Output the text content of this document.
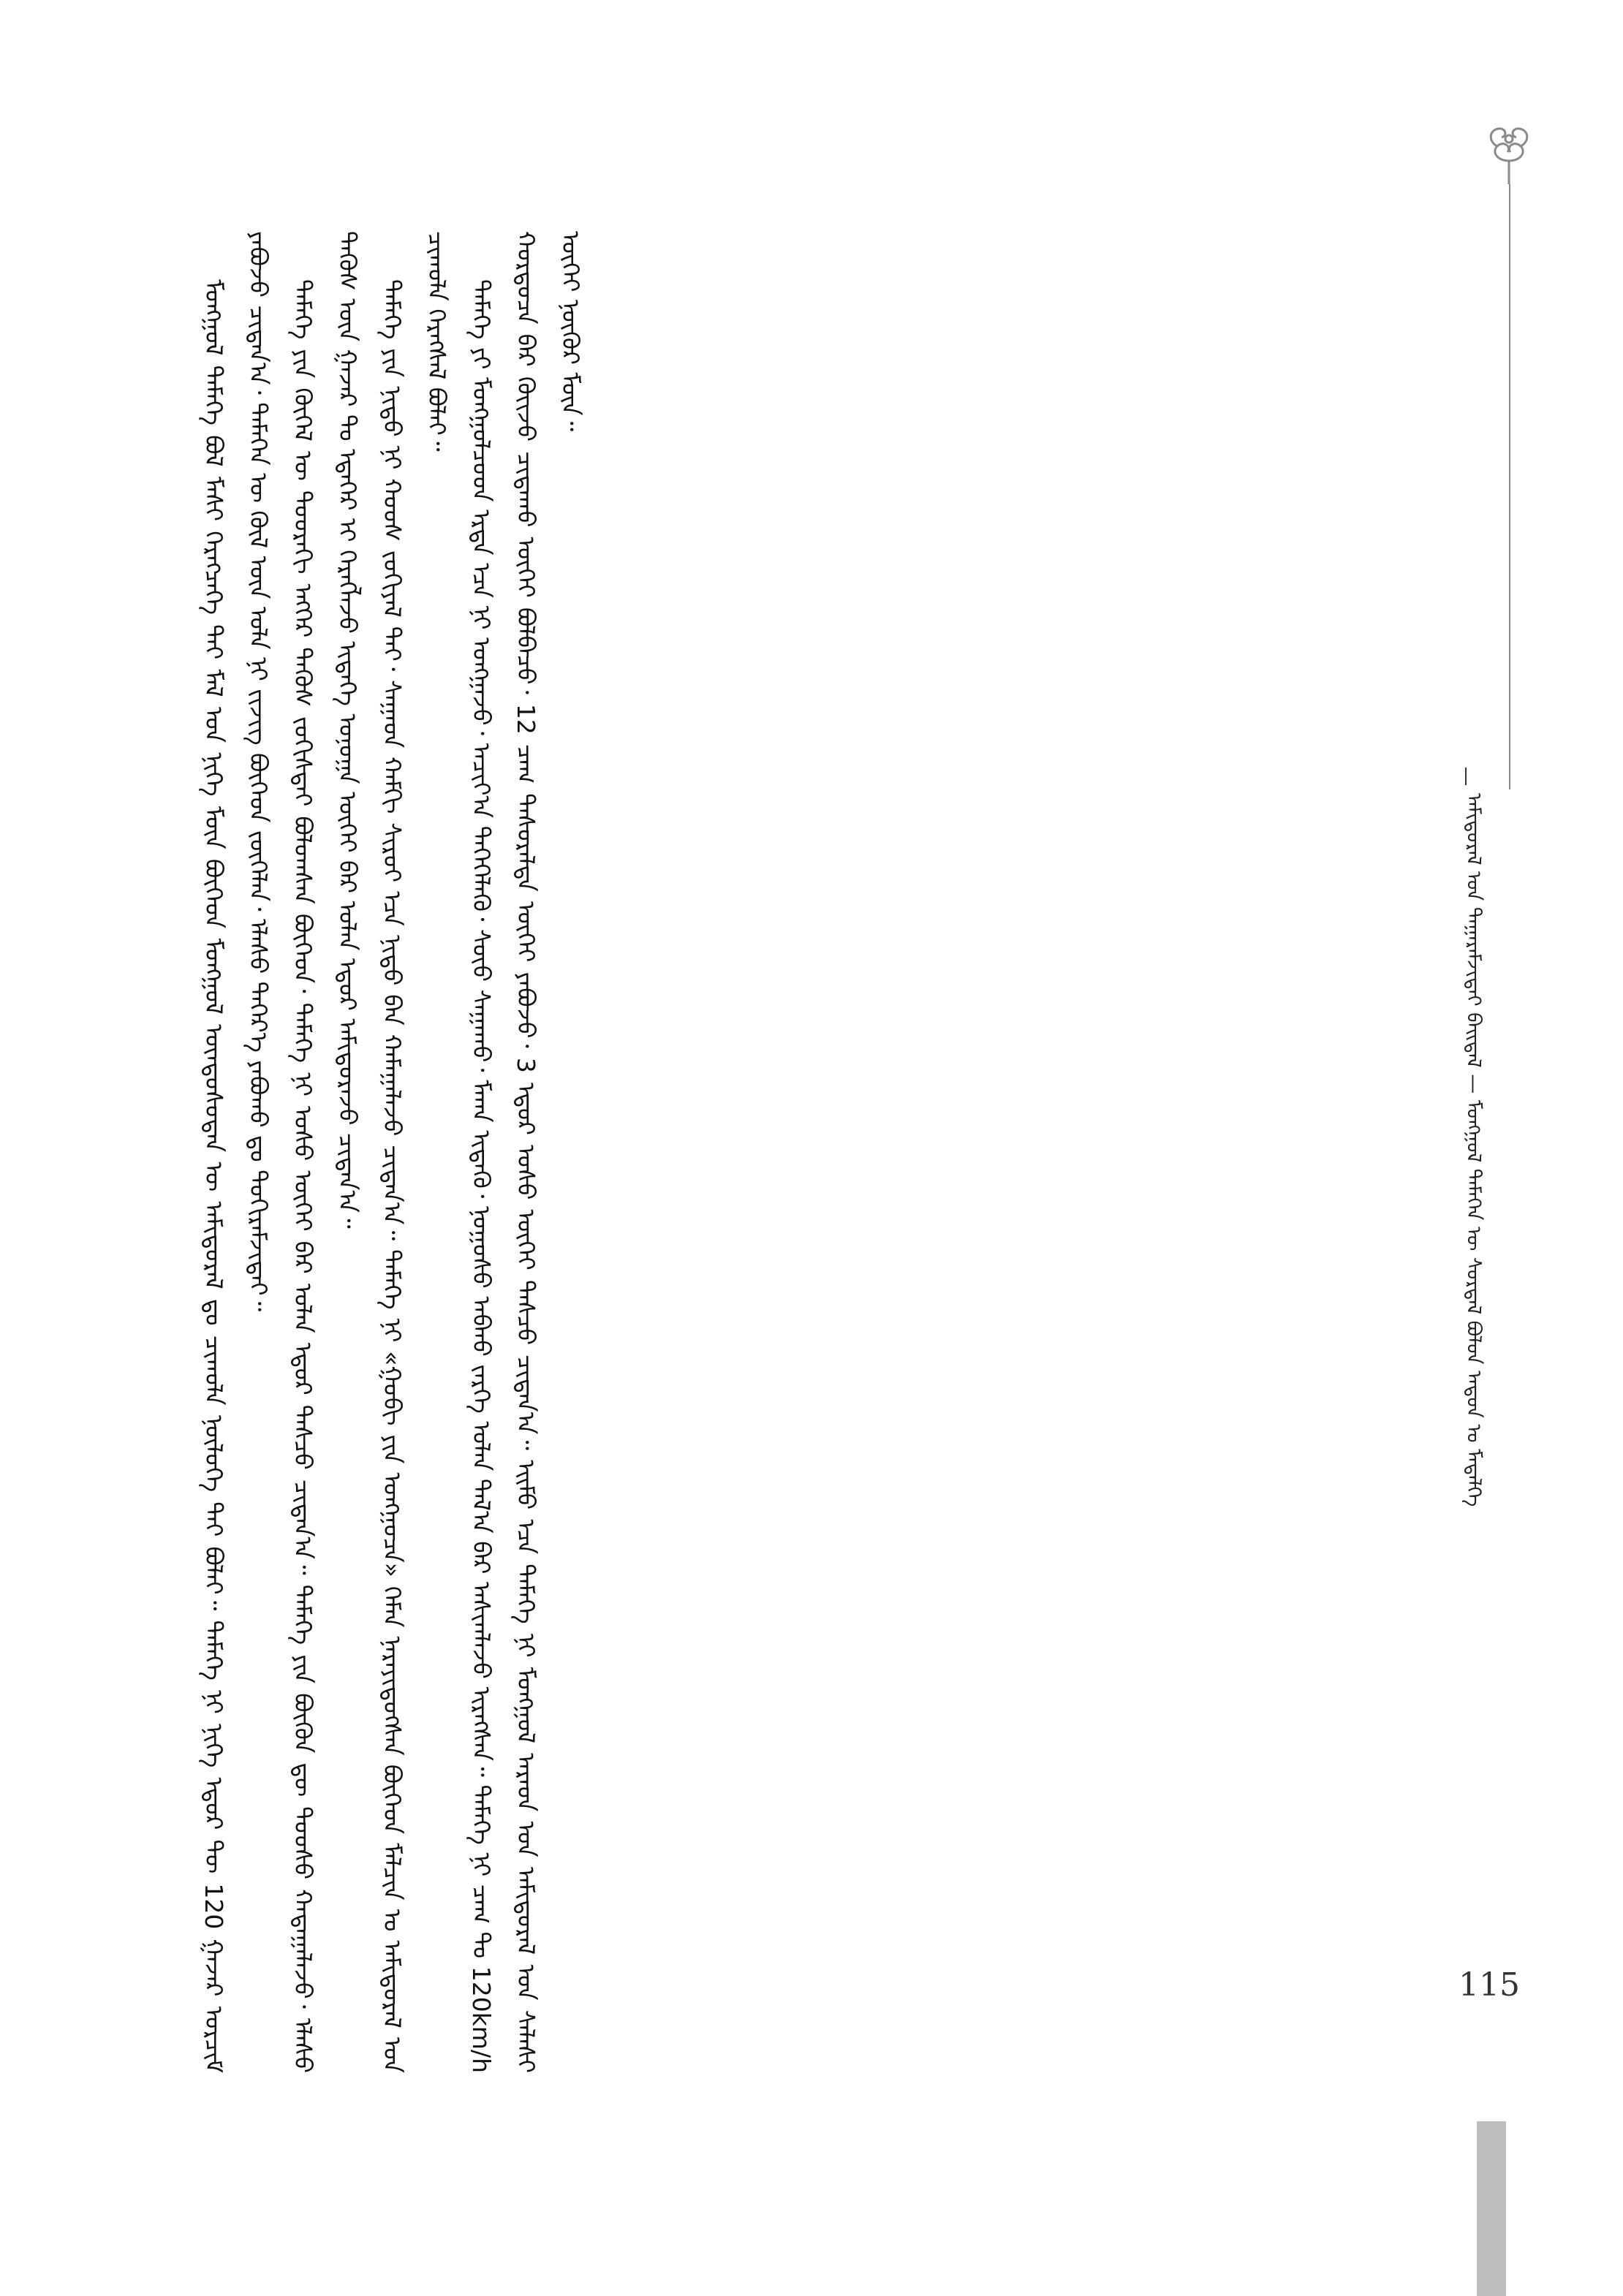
ᠠᠮᠢᠳᠤᠷᠠᠯ ᠤᠨ ᠲᠠᠭᠠᠷᠠᠮᠵᠢᠲᠠᠢ ᠪᠠᠢᠳᠠᠯ — ᠮᠣᠩᠭᠣᠯ ᠲᠡᠮᠡᠭᠡᠨ ᠦ ᠰᠤᠷᠲᠠᠯ ᠪᠣᠯᠤᠨ ᠠᠳᠤᠨ ᠤ ᠮᠡᠳᠡᠯᠭᠡ

ᠮᠣᠩᠭᠣᠯ ᠲᠡᠮᠡᠭᠡ ᠪᠣᠯ ᠮᠠᠰᠢ ᠬᠡᠷᠡᠭᠴᠡᠭᠡ ᠲᠠᠢ ᠮᠠᠯ ᠤᠨ ᠨᠢᠭᠡ ᠮᠥᠨ ᠪᠥᠭᠡᠳ ᠮᠣᠩᠭᠣᠯ ᠦᠨᠳᠦᠰᠦᠲᠡᠨ ᠦ ᠠᠮᠢᠳᠤᠷᠠᠯ ᠳᠤ ᠴᠢᠬᠤᠯᠠ ᠨᠥᠯᠦᠭᠡ ᠲᠠᠢ ᠪᠣᠯᠠᠢ᠃ ᠲᠡᠮᠡᠭᠡ ᠨᠢ ᠨᠢᠭᠡ ᠡᠳᠦᠷ ᠲᠦ 120 ᠭᠠᠵᠠᠷ ᠣᠷᠴᠢᠮ ᠶᠠᠪᠤᠵᠤ ᠴᠢᠳᠠᠨ᠎ᠠ᠂ ᠲᠡᠮᠡᠭᠡᠨ ᠦ ᠬᠥᠯ ᠦᠨ ᠤᠯᠠ ᠨᠢ ᠵᠢᠵᠢᠭ ᠪᠥᠭᠡᠳ ᠵᠥᠭᠡᠯᠡᠨ᠂ ᠡᠯᠡᠰᠦ ᠳᠡᠭᠡᠷ᠎ᠡ ᠶᠠᠪᠤᠬᠤ ᠳᠤ ᠲᠤᠬᠢᠷᠠᠮᠵᠢᠲᠠᠢ᠃ ᠲᠡᠮᠡᠭᠡ ᠶᠢᠨ ᠬᠥᠭᠡᠯ ᠦ ᠳᠣᠣᠷᠠᠬᠢ ᠡᠩᠭᠡᠷ ᠲᠡᠭᠦᠰ ᠵᠣᠬᠢᠰᠲᠠᠢ ᠪᠣᠯᠤᠭᠰᠠᠨ ᠪᠥᠭᠡᠳ᠂ ᠲᠡᠮᠡᠭᠡ ᠨᠢ ᠤᠰᠤ ᠦᠭᠡᠢ ᠪᠠᠷ ᠣᠯᠠᠨ ᠡᠳᠦᠷ ᠲᠡᠰᠴᠦ ᠴᠢᠳᠠᠨ᠎ᠠ᠃ ᠲᠡᠮᠡᠭᠡ ᠶᠢᠨ ᠪᠥᠬᠦᠨ ᠳᠦ ᠲᠣᠣᠰᠤ ᠬᠠᠳᠠᠭᠠᠯᠠᠵᠤ᠂ ᠡᠯᠡᠰᠦ ᠲᠡᠭᠦᠰ ᠦᠨ ᠭᠠᠵᠠᠷ ᠲᠤ ᠡᠳᠡᠭᠡᠷ ᠢ ᠬᠡᠷᠡᠭᠯᠡᠵᠦ ᠢᠳᠡᠭᠡ ᠤᠨᠤᠭᠠ ᠦᠭᠡᠢ ᠪᠠᠷ ᠣᠯᠠᠨ ᠡᠳᠦᠷ ᠠᠮᠢᠳᠤᠷᠠᠵᠤ ᠴᠢᠳᠠᠨ᠎ᠠ᠃ ᠲᠡᠮᠡᠭᠡ ᠶᠢᠨ ᠨᠢᠳᠦ ᠨᠢ ᠬᠣᠣᠰ ᠵᠣᠬᠢᠶᠠᠯ ᠲᠠᠢ᠂ ᠰᠠᠭᠠᠳ ᠬᠠᠮᠬᠢ ᠰᠢᠷᠤᠢ ᠡᠴᠡ ᠨᠢᠳᠦ ᠪᠡᠨ ᠬᠠᠮᠠᠭᠠᠯᠠᠵᠤ ᠴᠢᠳᠠᠨ᠎ᠠ᠃ ᠲᠡᠮᠡᠭᠡ ᠨᠢ «ᠭᠣᠪᠢ ᠶᠢᠨ ᠣᠩᠭᠤᠴᠠ» ᠬᠡᠮᠡᠨ ᠨᠡᠷᠡᠶᠢᠳᠦᠭᠰᠡᠨ ᠪᠥᠭᠡᠳ ᠮᠠᠯᠴᠢᠨ ᠤ ᠠᠮᠢᠳᠤᠷᠠᠯ ᠤᠨ ᠴᠢᠬᠤᠯᠠ ᠬᠡᠷᠡᠭᠰᠡᠯ ᠪᠣᠯᠠᠢ᠃ ᠲᠡᠮᠡᠭᠡ ᠶᠢ ᠮᠣᠩᠭᠣᠯᠴᠤᠳ ᠡᠷᠲᠡ ᠡᠴᠡ ᠨᠢ ᠤᠩᠭᠠᠵᠤ᠂ ᠠᠴᠢᠶ᠎ᠠ ᠲᠡᠭᠡᠭᠡᠯᠡᠬᠦ᠂ ᠰᠦᠦ ᠰᠠᠭᠠᠬᠤ᠂ ᠮᠠᠬᠠ ᠢᠳᠡᠬᠦ᠂ ᠨᠣᠭᠤᠰᠤ ᠠᠪᠬᠤ ᠵᠡᠷᠭᠡ ᠣᠯᠠᠨ ᠲᠠᠯ᠎ᠠ ᠪᠠᠷ ᠠᠰᠢᠭᠯᠠᠵᠤ ᠢᠷᠡᠭᠰᠡᠨ᠃ ᠲᠡᠮᠡᠭᠡ ᠨᠢ ᠴᠠᠭ ᠲᠤ 120km/h ᠬᠤᠷᠳᠤᠴᠠ ᠪᠠᠷ ᠭᠦᠢᠵᠦ ᠴᠢᠳᠠᠬᠤ ᠦᠭᠡᠢ ᠪᠣᠯᠪᠠᠴᠤ᠂ 12 ᠴᠠᠭ ᠲᠠᠰᠤᠷᠠᠯᠲᠠ ᠦᠭᠡᠢ ᠶᠠᠪᠤᠵᠤ᠂ 3 ᠡᠳᠦᠷ ᠤᠰᠤ ᠦᠭᠡᠢ ᠲᠡᠰᠴᠦ ᠴᠢᠳᠠᠨ᠎ᠠ᠃ ᠡᠢᠮᠦ ᠡᠴᠡ ᠲᠡᠮᠡᠭᠡ ᠨᠢ ᠮᠣᠩᠭᠣᠯ ᠠᠷᠠᠳ ᠤᠨ ᠠᠮᠢᠳᠤᠷᠠᠯ ᠤᠨ ᠰᠠᠯᠠᠰᠢ ᠦᠭᠡᠢ ᠨᠥᠬᠦᠷ ᠮᠥᠨ᠃

115
